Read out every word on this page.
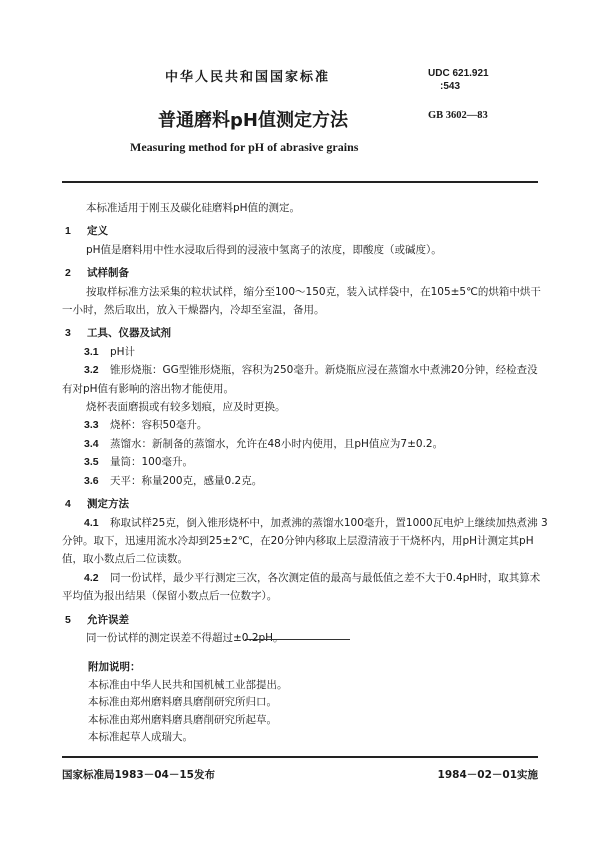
中华人民共和国国家标准	UDC 621.921
:543
普通磨料pH值测定方法	GB 3602—83
Measuring method for pH of abrasive grains

本标准适用于刚玉及碳化硅磨料pH值的测定。

1 定义

pH值是磨料用中性水浸取后得到的浸液中氢离子的浓度，即酸度（或碱度）。

2 试样制备

按取样标准方法采集的粒状试样，缩分至100～150克，装入试样袋中，在105±5℃的烘箱中烘干

一小时，然后取出，放入干燥器内，冷却至室温，备用。

3 工具、仪器及试剂

3.1 pH计

3.2 锥形烧瓶：GG型锥形烧瓶，容积为250毫升。新烧瓶应浸在蒸馏水中煮沸20分钟，经检查没

有对pH值有影响的溶出物才能使用。

烧杯表面磨损或有较多划痕，应及时更换。

3.3 烧杯：容积50毫升。

3.4 蒸馏水：新制备的蒸馏水，允许在48小时内使用，且pH值应为7±0.2。

3.5 量筒：100毫升。

3.6 天平：称量200克，感量0.2克。

4 测定方法

4.1 称取试样25克，倒入锥形烧杯中，加煮沸的蒸馏水100毫升，置1000瓦电炉上继续加热煮沸 3

分钟。取下，迅速用流水冷却到25±2℃，在20分钟内移取上层澄清液于干烧杯内，用pH计测定其pH

值，取小数点后二位读数。

4.2 同一份试样，最少平行测定三次，各次测定值的最高与最低值之差不大于0.4pH时，取其算术

平均值为报出结果（保留小数点后一位数字）。

5 允许误差

同一份试样的测定误差不得超过±0.2pH。

附加说明：
本标准由中华人民共和国机械工业部提出。
本标准由郑州磨料磨具磨削研究所归口。
本标准由郑州磨料磨具磨削研究所起草。
本标准起草人成瑞大。
国家标准局1983－04－15发布	1984－02－01实施
